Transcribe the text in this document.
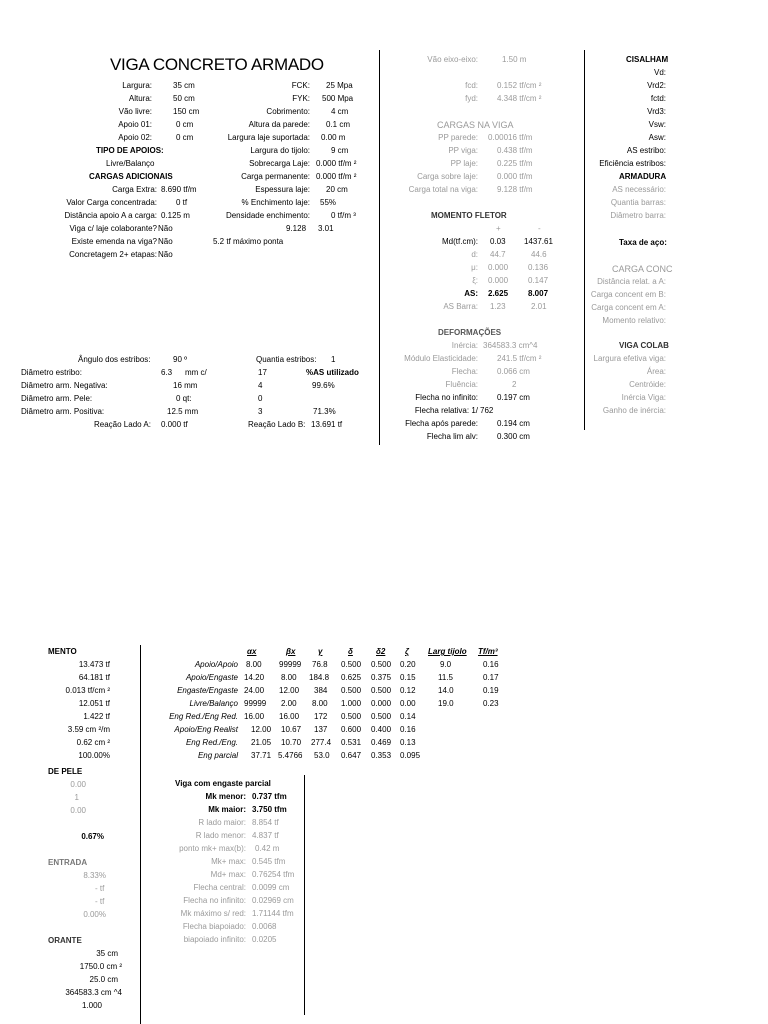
VIGA CONCRETO ARMADO
Largura:	35 cm
Altura:	50 cm
Vão livre:	150 cm
Apoio 01:	0 cm
Apoio 02:	0 cm
TIPO DE APOIOS:
Livre/Balanço
CARGAS ADICIONAIS
Carga Extra: 8.690 tf/m
Valor Carga concentrada: 0 tf
Distância apoio A a carga: 0.125 m
Viga c/ laje colaborante? Não
Existe emenda na viga? Não
Concretagem 2+ etapas: Não
FCK: 25 Mpa
FYK: 500 Mpa
Cobrimento:	4 cm
Altura da parede: 0.1 cm
Largura laje suportada: 0.00 m
Largura do tijolo:	9 cm
Sobrecarga Laje: 0.000 tf/m ²
Carga permanente: 0.000 tf/m ²
Espessura laje: 20 cm
% Enchimento laje: 55%
Densidade enchimento:	0 tf/m ³
9.128 3.01
5.2 tf máximo ponta
Ângulo dos estribos:	90 º	Quantia estribos: 1
Diâmetro estribo:	6.3 mm c/	17	%AS utilizado
Diâmetro arm. Negativa:	16 mm	4	99.6%
Diâmetro arm. Pele:	0 qt:	0
Diâmetro arm. Positiva:	12.5 mm	3	71.3%
Reação Lado A: 0.000 tf	Reação Lado B: 13.691 tf
Vão eixo-eixo:	1.50 m
fcd: 0.152 tf/cm ²
fyd: 4.348 tf/cm ²
CARGAS NA VIGA
PP parede: 0.00016 tf/m
PP viga: 0.438 tf/m
PP laje: 0.225 tf/m
Carga sobre laje: 0.000 tf/m
Carga total na viga: 9.128 tf/m
MOMENTO FLETOR
+	-
Md(tf.cm): 0.03 1437.61
d: 44.7	44.6
μ: 0.000 0.136
ξ: 0.000 0.147
AS: 2.625 8.007
AS Barra: 1.23	2.01
DEFORMAÇÕES
Inércia: 364583.3 cm^4
Módulo Elasticidade: 241.5 tf/cm ²
Flecha: 0.066 cm
Fluência:	2
Flecha no infinito: 0.197 cm
Flecha relativa: 1/ 762
Flecha após parede: 0.194 cm
Flecha lim alv: 0.300 cm
CISALHAM
Vd:
Vrd2:
fctd:
Vrd3:
Vsw:
Asw:
AS estribo:
Eficiência estribos:
ARMADURA
AS necessário:
Quantia barras:
Diâmetro barra:
Taxa de aço:
CARGA CONC
Distância relat. a A:
Carga concent em B:
Carga concent em A:
Momento relativo:
VIGA COLAB
Largura efetiva viga:
Área:
Centróide:
Inércia Viga:
Ganho de inércia:
MENTO
13.473 tf
64.181 tf
0.013 tf/cm ²
12.051 tf
1.422 tf
3.59 cm ²/m
0.62 cm ²
100.00%
DE PELE
0.00
1
0.00
0.67%
ENTRADA
8.33%
- tf
- tf
0.00%
ORANTE
35 cm
1750.0 cm ²
25.0 cm
364583.3 cm ^4
1.000
αx	βx	γ	δ	δ2 ζ Larg tijolo Tf/m³
Apoio/Apoio 8.00 99999 76.8 0.500 0.500 0.20	9.0	0.16
Apoio/Engaste 14.20 8.00 184.8 0.625 0.375 0.15	11.5	0.17
Engaste/Engaste 24.00 12.00 384 0.500 0.500 0.12	14.0	0.19
Livre/Balanço 99999 2.00 8.00 1.000 0.000 0.00	19.0	0.23
Eng Red./Eng Red. 16.00 16.00 172 0.500 0.500 0.14
Apoio/Eng Realist 12.00 10.67 137 0.600 0.400 0.16
Eng Red./Eng. 21.05 10.70 277.4 0.531 0.469 0.13
Eng parcial 37.71 5.4766 53.0 0.647 0.353 0.095
Viga com engaste parcial
Mk menor: 0.737 tfm
Mk maior: 3.750 tfm
R lado maior: 8.854 tf
R lado menor: 4.837 tf
ponto mk+ max(b): 0.42 m
Mk+ max: 0.545 tfm
Md+ max: 0.76254 tfm
Flecha central: 0.0099 cm
Flecha no infinito: 0.02969 cm
Mk máximo s/ red: 1.71144 tfm
Flecha biapoiado: 0.0068
biapoiado infinito: 0.0205
